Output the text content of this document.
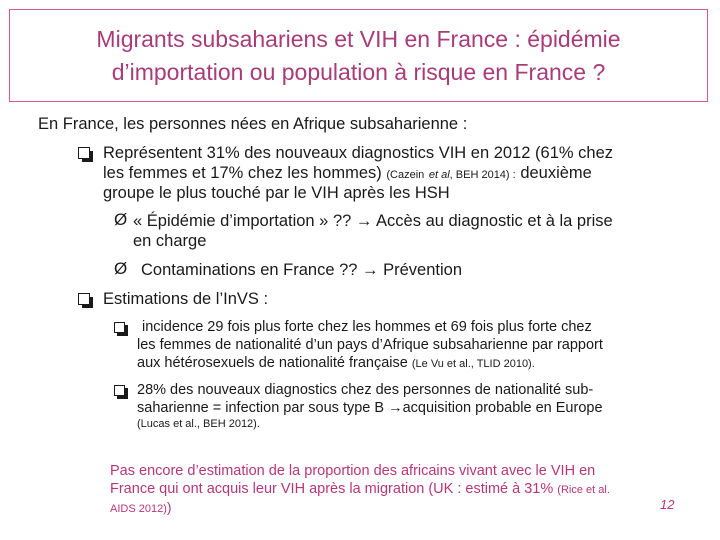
Migrants subsahariens et VIH en France : épidémie
d’importation ou population à risque en France ?
En France, les personnes nées en Afrique subsaharienne :
Représentent 31% des nouveaux diagnostics VIH en 2012 (61% chez
les femmes et 17% chez les hommes) (Cazein et al, BEH 2014) : deuxième
groupe le plus touché par le VIH après les HSH
Ø « Épidémie d’importation » ?? → Accès au diagnostic et à la prise
en charge
Ø Contaminations en France ?? → Prévention
Estimations de l’InVS :
incidence 29 fois plus forte chez les hommes et 69 fois plus forte chez
les femmes de nationalité d’un pays d’Afrique subsaharienne par rapport
aux hétérosexuels de nationalité française (Le Vu et al., TLID 2010).
28% des nouveaux diagnostics chez des personnes de nationalité sub-
saharienne = infection par sous type B →acquisition probable en Europe
(Lucas et al., BEH 2012).
Pas encore d’estimation de la proportion des africains vivant avec le VIH en
France qui ont acquis leur VIH après la migration (UK : estimé à 31% (Rice et al.
AIDS 2012))	12
